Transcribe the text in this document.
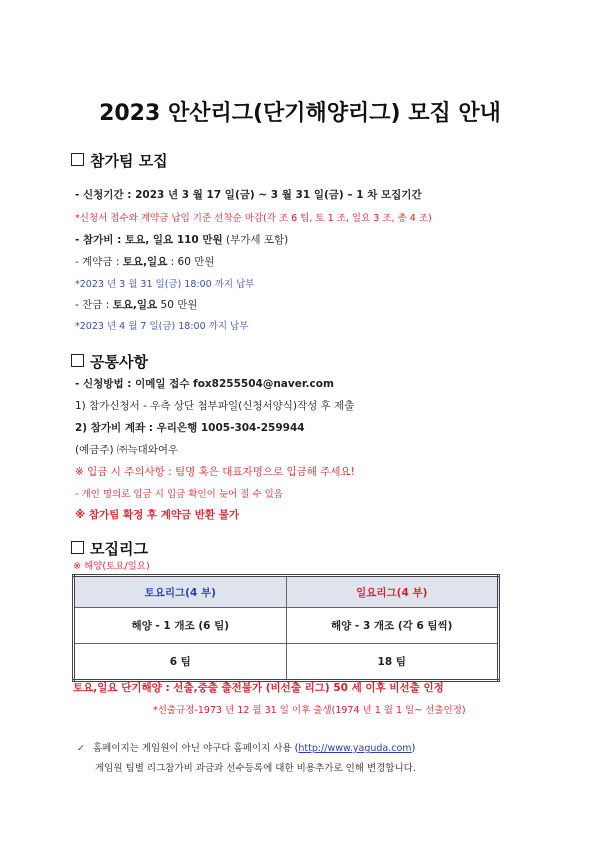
2023 안산리그(단기해양리그) 모집 안내
참가팀 모집
- 신청기간 : 2023 년 3 월 17 일(금) ~ 3 월 31 일(금) – 1 차 모집기간
*신청서 접수와 계약금 납입 기준 선착순 마감(각 조 6 팀, 토 1 조, 일요 3 조, 총 4 조)
- 참가비 : 토요, 일요 110 만원 (부가세 포함)
- 계약금 : 토요,일요 : 60 만원
*2023 년 3 월 31 일(금) 18:00 까지 납부
- 잔금 : 토요,일요 50 만원
*2023 년 4 월 7 일(금) 18:00 까지 납부
공통사항
- 신청방법 : 이메일 접수 fox8255504@naver.com
1) 참가신청서 - 우측 상단 첨부파일(신청서양식)작성 후 제출
2) 참가비 계좌 : 우리은행 1005-304-259944
(예금주) ㈜늑대와여우
※ 입금 시 주의사항 : 팀명 혹은 대표자명으로 입금해 주세요!
- 개인 명의로 입금 시 입금 확인이 늦어 질 수 있음
※ 참가팀 확정 후 계약금 반환 불가
모집리그
※ 해양(토요/일요)
토요리그(4 부)	일요리그(4 부)
해양 - 1 개조 (6 팀)	해양 - 3 개조 (각 6 팀씩)
6 팀	18 팀
토요,일요 단기해양 : 선출,중출 출전불가 (비선출 리그) 50 세 이후 비선출 인정
*선출규정-1973 년 12 월 31 일 이후 출생(1974 년 1 월 1 일~ 선출인정)
✓ 홈페이지는 게임원이 아닌 야구다 홈페이지 사용 (http://www.yaguda.com)
게임원 팀별 리그참가비 과금과 선수등록에 대한 비용추가로 인해 변경합니다.
